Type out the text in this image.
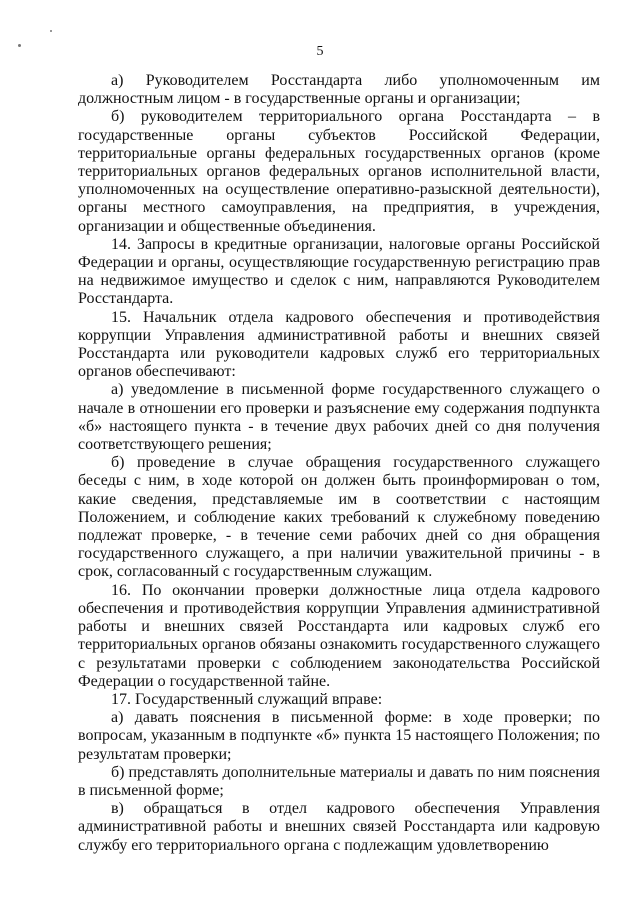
5

а) Руководителем Росстандарта либо уполномоченным им должностным лицом - в государственные органы и организации;

б) руководителем территориального органа Росстандарта – в государственные органы субъектов Российской Федерации, территориальные органы федеральных государственных органов (кроме территориальных органов федеральных органов исполнительной власти, уполномоченных на осуществление оперативно-разыскной деятельности), органы местного самоуправления, на предприятия, в учреждения, организации и общественные объединения.

14. Запросы в кредитные организации, налоговые органы Российской Федерации и органы, осуществляющие государственную регистрацию прав на недвижимое имущество и сделок с ним, направляются Руководителем Росстандарта.

15. Начальник отдела кадрового обеспечения и противодействия коррупции Управления административной работы и внешних связей Росстандарта или руководители кадровых служб его территориальных органов обеспечивают:

а) уведомление в письменной форме государственного служащего о начале в отношении его проверки и разъяснение ему содержания подпункта «б» настоящего пункта - в течение двух рабочих дней со дня получения соответствующего решения;

б) проведение в случае обращения государственного служащего беседы с ним, в ходе которой он должен быть проинформирован о том, какие сведения, представляемые им в соответствии с настоящим Положением, и соблюдение каких требований к служебному поведению подлежат проверке, - в течение семи рабочих дней со дня обращения государственного служащего, а при наличии уважительной причины - в срок, согласованный с государственным служащим.

16. По окончании проверки должностные лица отдела кадрового обеспечения и противодействия коррупции Управления административной работы и внешних связей Росстандарта или кадровых служб его территориальных органов обязаны ознакомить государственного служащего с результатами проверки с соблюдением законодательства Российской Федерации о государственной тайне.

17. Государственный служащий вправе:

а) давать пояснения в письменной форме: в ходе проверки; по вопросам, указанным в подпункте «б» пункта 15 настоящего Положения; по результатам проверки;

б) представлять дополнительные материалы и давать по ним пояснения в письменной форме;

в) обращаться в отдел кадрового обеспечения Управления административной работы и внешних связей Росстандарта или кадровую службу его территориального органа с подлежащим удовлетворению
